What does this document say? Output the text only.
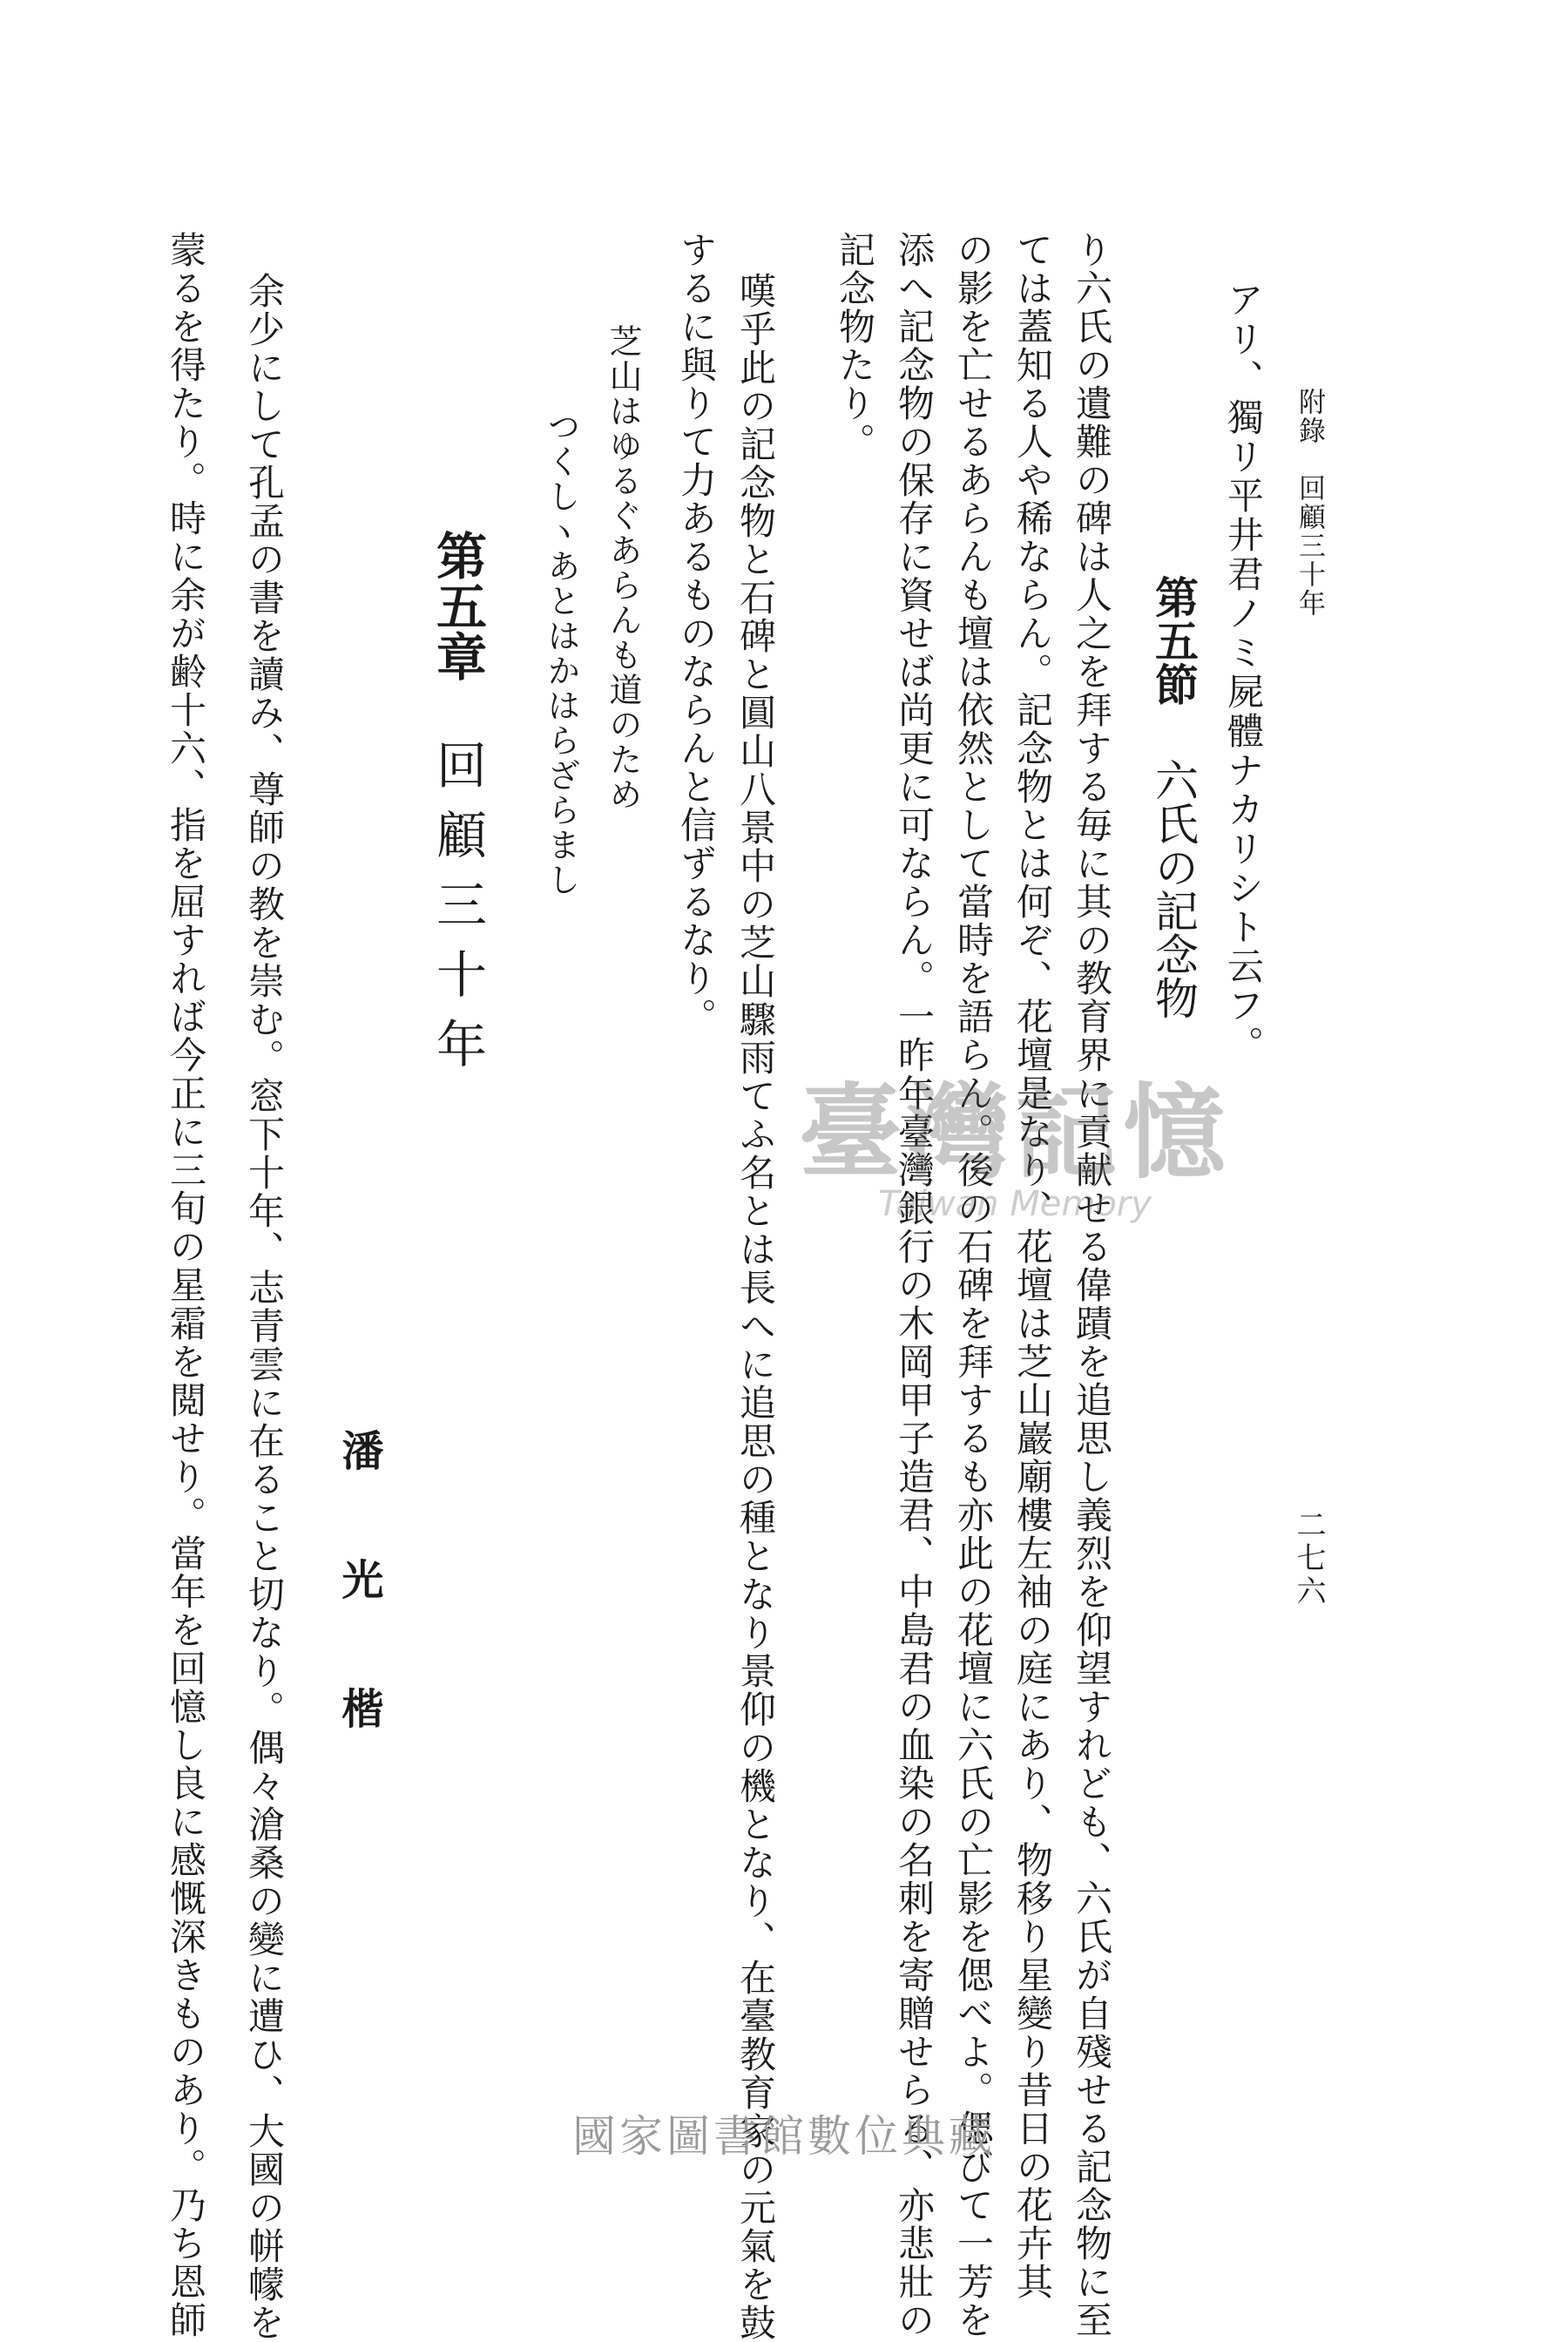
附錄　回顧三十年
二七六
アリ、獨リ平井君ノミ屍體ナカリシト云フ。
第五節六氏の記念物
り六氏の遺難の碑は人之を拜する毎に其の教育界に貢献せる偉蹟を追思し義烈を仰望すれども、六氏が自殘せる記念物に至
ては蓋知る人や稀ならん。記念物とは何ぞ、花壇是なり、花壇は芝山巖廟樓左袖の庭にあり、物移り星變り昔日の花卉其
の影を亡せるあらんも壇は依然として當時を語らん。後の石碑を拜するも亦此の花壇に六氏の亡影を偲べよ。偲びて一芳を
添へ記念物の保存に資せば尚更に可ならん。一昨年臺灣銀行の木岡甲子造君、中島君の血染の名刺を寄贈せらる、亦悲壯の
記念物たり。
嘆乎此の記念物と石碑と圓山八景中の芝山驟雨てふ名とは長へに追思の種となり景仰の機となり、在臺教育家の元氣を鼓
するに與りて力あるものならんと信ずるなり。
芝山はゆるぐあらんも道のため
つくしヽあとはかはらざらまし
第五章回顧三十年
潘　光　楷
余少にして孔孟の書を讀み、尊師の教を崇む。窓下十年、志青雲に在ること切なり。偶々滄桑の變に遭ひ、大國の帡幪を
蒙るを得たり。時に余が齢十六、指を屈すれば今正に三旬の星霜を閲せり。當年を回憶し良に感慨深きものあり。乃ち恩師	臺灣記憶
Taiwan Memory
國家圖書館數位典藏
